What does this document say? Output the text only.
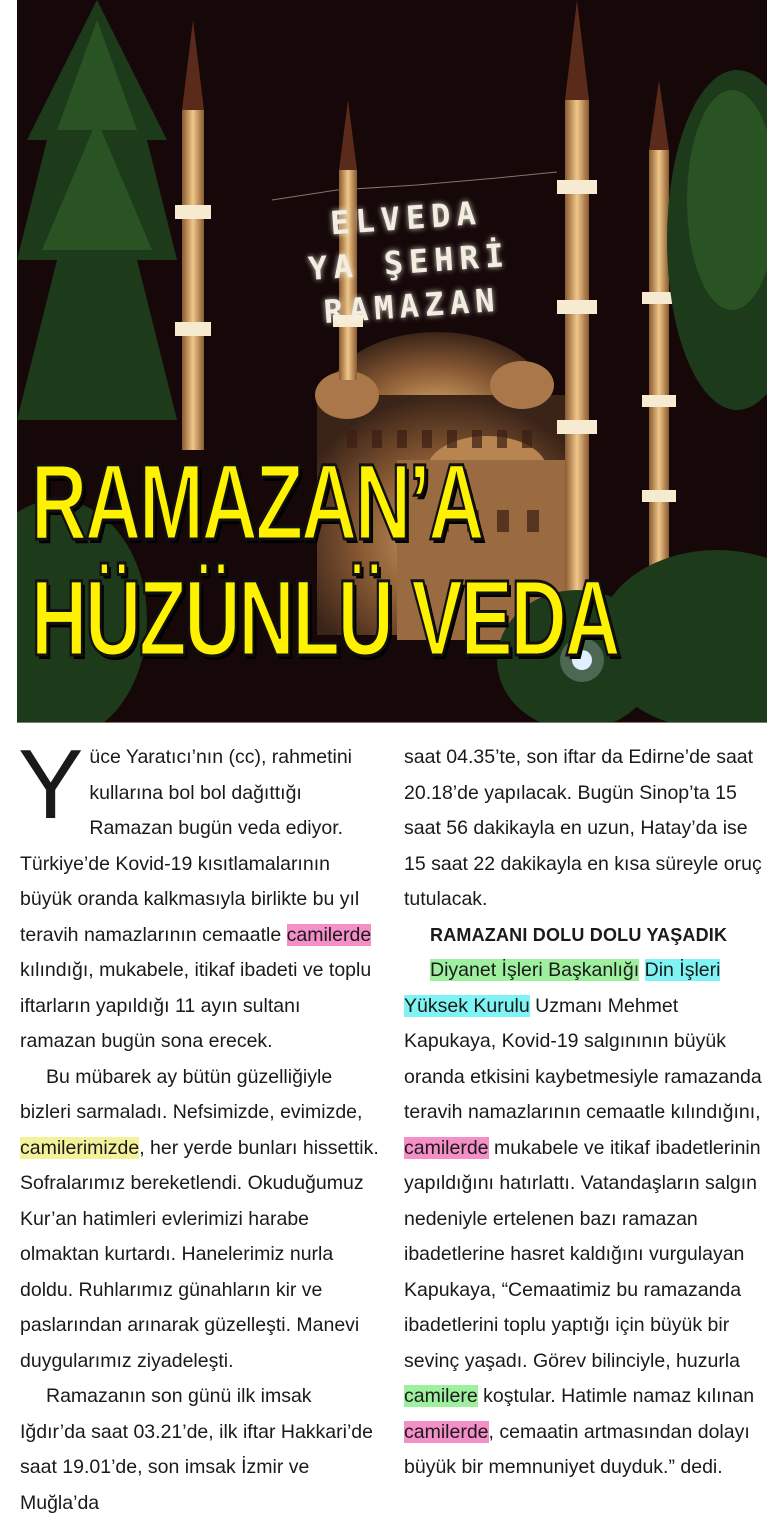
ELVEDA
YA ŞEHRİ
RAMAZAN
RAMAZAN’A
HÜZÜNLÜ VEDA

Yüce Yaratıcı’nın (cc), rahmetini kullarına bol bol dağıttığı Ramazan bugün veda ediyor. Türkiye’de Kovid-19 kısıtlamalarının büyük oranda kalkmasıyla birlikte bu yıl teravih namazlarının cemaatle camilerde kılındığı, mukabele, itikaf ibadeti ve toplu iftarların yapıldığı 11 ayın sultanı ramazan bugün sona erecek.

Bu mübarek ay bütün güzelliğiyle bizleri sarmaladı. Nefsimizde, evimizde, camilerimizde, her yerde bunları hissettik. Sofralarımız bereketlendi. Okuduğumuz Kur’an hatimleri evlerimizi harabe olmaktan kurtardı. Hanelerimiz nurla doldu. Ruhlarımız günahların kir ve paslarından arınarak güzelleşti. Manevi duygularımız ziyadeleşti.

Ramazanın son günü ilk imsak Iğdır’da saat 03.21’de, ilk iftar Hakkari’de saat 19.01’de, son imsak İzmir ve Muğla’da

saat 04.35’te, son iftar da Edirne’de saat 20.18’de yapılacak. Bugün Sinop’ta 15 saat 56 dakikayla en uzun, Hatay’da ise 15 saat 22 dakikayla en kısa süreyle oruç tutulacak.

RAMAZANI DOLU DOLU YAŞADIK

Diyanet İşleri Başkanlığı Din İşleri Yüksek Kurulu Uzmanı Mehmet Kapukaya, Kovid-19 salgınının büyük oranda etkisini kaybetmesiyle ramazanda teravih namazlarının cemaatle kılındığını, camilerde mukabele ve itikaf ibadetlerinin yapıldığını hatırlattı. Vatandaşların salgın nedeniyle ertelenen bazı ramazan ibadetlerine hasret kaldığını vurgulayan Kapukaya, “Cemaatimiz bu ramazanda ibadetlerini toplu yaptığı için büyük bir sevinç yaşadı. Görev bilinciyle, huzurla camilere koştular. Hatimle namaz kılınan camilerde, cemaatin artmasından dolayı büyük bir memnuniyet duyduk.” dedi.
